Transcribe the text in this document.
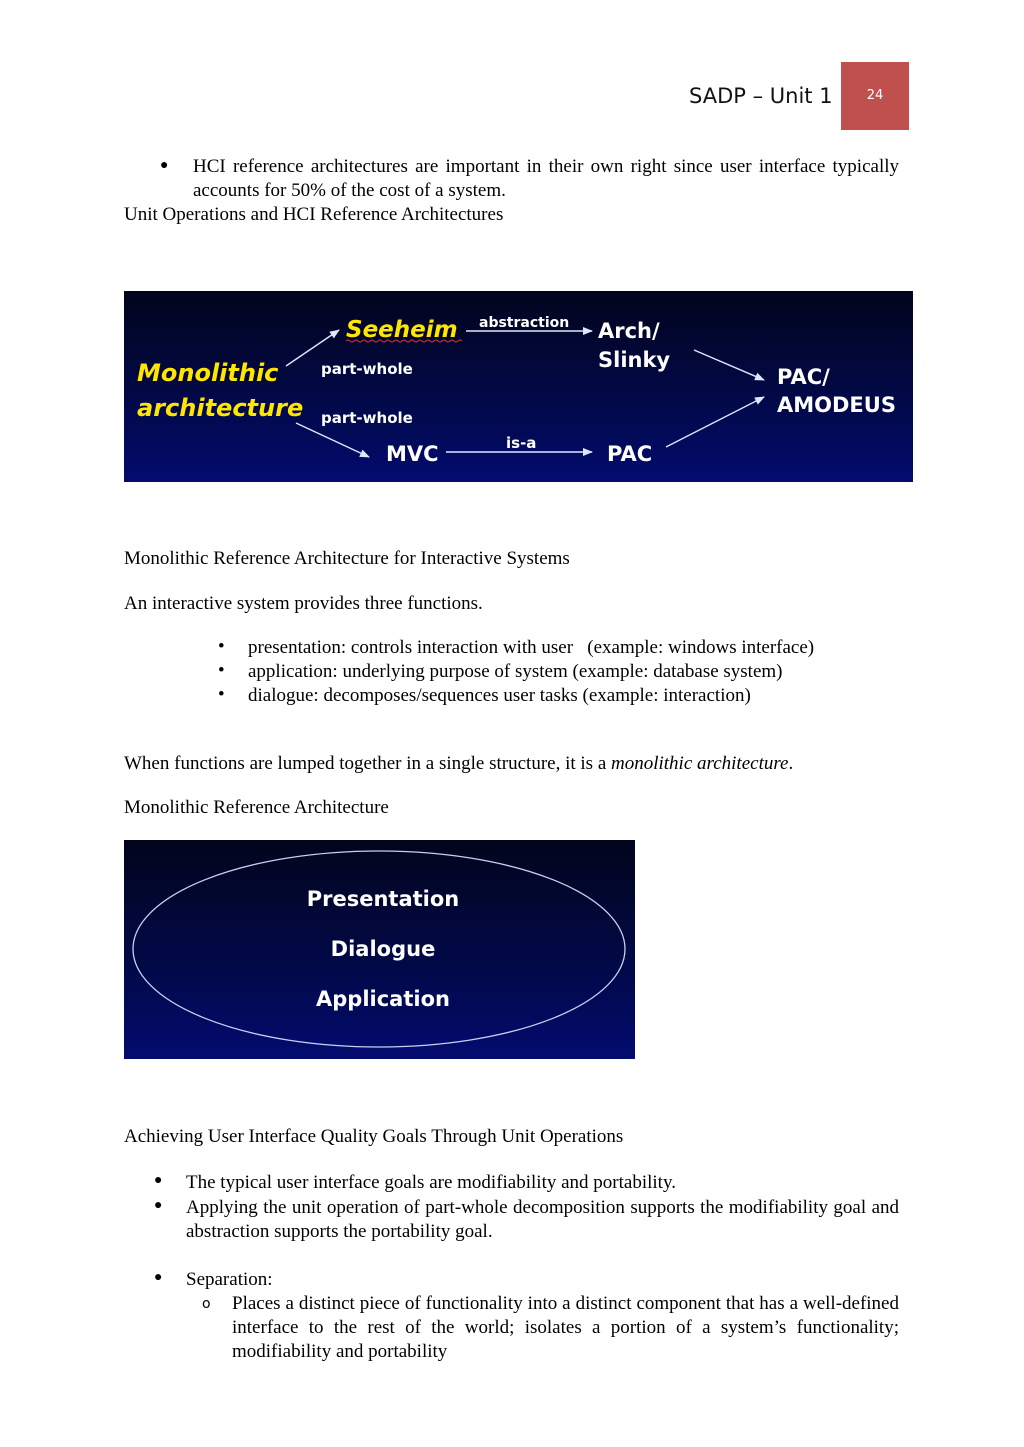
SADP – Unit 1	24
● HCI reference architectures are important in their own right since user interface typically accounts for 50% of the cost of a system.
Unit Operations and HCI Reference Architectures
Monolithic
architecture
Seeheim abstraction Arch/
Slinky
part-whole
part-whole
MVC	is-a	PAC
PAC/
AMODEUS
Monolithic Reference Architecture for Interactive Systems
An interactive system provides three functions.
• presentation: controls interaction with user   (example: windows interface)
• application: underlying purpose of system (example: database system)
• dialogue: decomposes/sequences user tasks (example: interaction)
When functions are lumped together in a single structure, it is a monolithic architecture.
Monolithic Reference Architecture
Presentation
Dialogue
Application
Achieving User Interface Quality Goals Through Unit Operations
● The typical user interface goals are modifiability and portability.
● Applying the unit operation of part-whole decomposition supports the modifiability goal and abstraction supports the portability goal.
● Separation:
o Places a distinct piece of functionality into a distinct component that has a well-defined interface to the rest of the world; isolates a portion of a system’s functionality; modifiability and portability
